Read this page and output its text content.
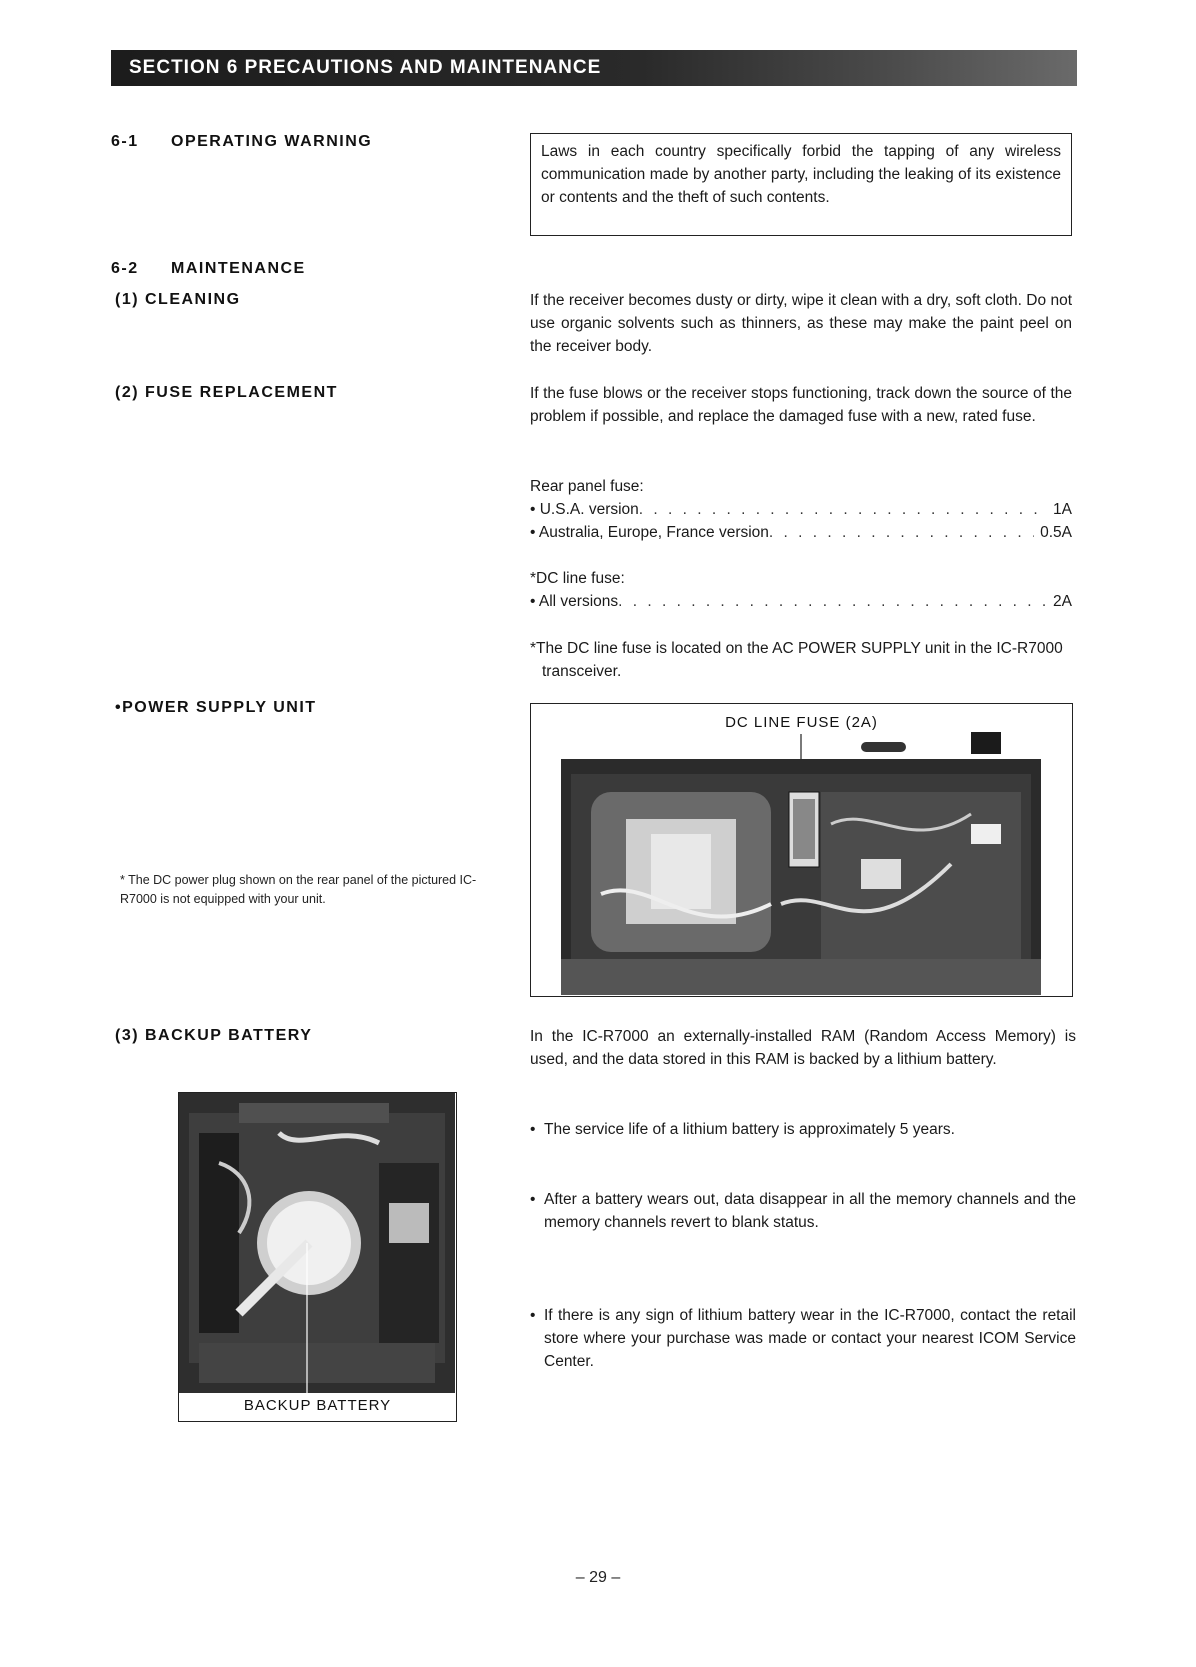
SECTION 6 PRECAUTIONS AND MAINTENANCE
6-1 OPERATING WARNING
Laws in each country specifically forbid the tapping of any wireless communication made by another party, including the leaking of its existence or contents and the theft of such contents.
6-2 MAINTENANCE
(1) CLEANING	If the receiver becomes dusty or dirty, wipe it clean with a dry, soft cloth. Do not use organic solvents such as thinners, as these may make the paint peel on the receiver body.
(2) FUSE REPLACEMENT	If the fuse blows or the receiver stops functioning, track down the source of the problem if possible, and replace the damaged fuse with a new, rated fuse.
Rear panel fuse:
• U.S.A. version . . .	1A
• Australia, Europe, France version . . .	0.5A
*DC line fuse:
• All versions . . .	2A
*The DC line fuse is located on the AC POWER SUPPLY unit in the IC-R7000 transceiver.
•POWER SUPPLY UNIT
DC LINE FUSE (2A)
* The DC power plug shown on the rear panel of the pictured IC-R7000 is not equipped with your unit.
(3) BACKUP BATTERY	In the IC-R7000 an externally-installed RAM (Random Access Memory) is used, and the data stored in this RAM is backed by a lithium battery.
• The service life of a lithium battery is approximately 5 years.
• After a battery wears out, data disappear in all the memory channels and the memory channels revert to blank status.
• If there is any sign of lithium battery wear in the IC-R7000, contact the retail store where your purchase was made or contact your nearest ICOM Service Center.
BACKUP BATTERY
– 29 –
